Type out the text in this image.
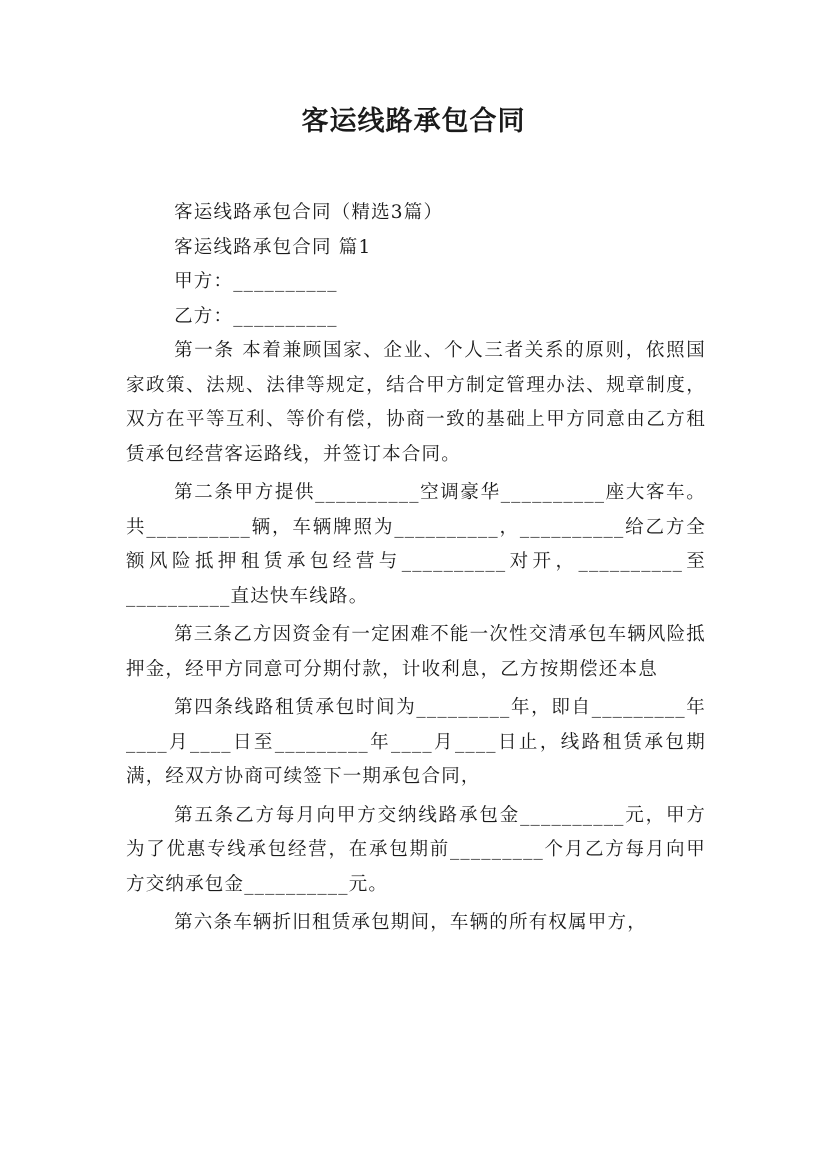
客运线路承包合同

客运线路承包合同（精选3篇）

客运线路承包合同 篇1

甲方：__________

乙方：__________

第一条 本着兼顾国家、企业、个人三者关系的原则，依照国家政策、法规、法律等规定，结合甲方制定管理办法、规章制度，双方在平等互利、等价有偿，协商一致的基础上甲方同意由乙方租赁承包经营客运路线，并签订本合同。

第二条甲方提供__________空调豪华__________座大客车。共__________辆，车辆牌照为__________，__________给乙方全额风险抵押租赁承包经营与__________对开，__________至__________直达快车线路。

第三条乙方因资金有一定困难不能一次性交清承包车辆风险抵押金，经甲方同意可分期付款，计收利息，乙方按期偿还本息

第四条线路租赁承包时间为_________年，即自_________年____月____日至_________年____月____日止，线路租赁承包期满，经双方协商可续签下一期承包合同，

第五条乙方每月向甲方交纳线路承包金__________元，甲方为了优惠专线承包经营，在承包期前_________个月乙方每月向甲方交纳承包金__________元。

第六条车辆折旧租赁承包期间，车辆的所有权属甲方，
